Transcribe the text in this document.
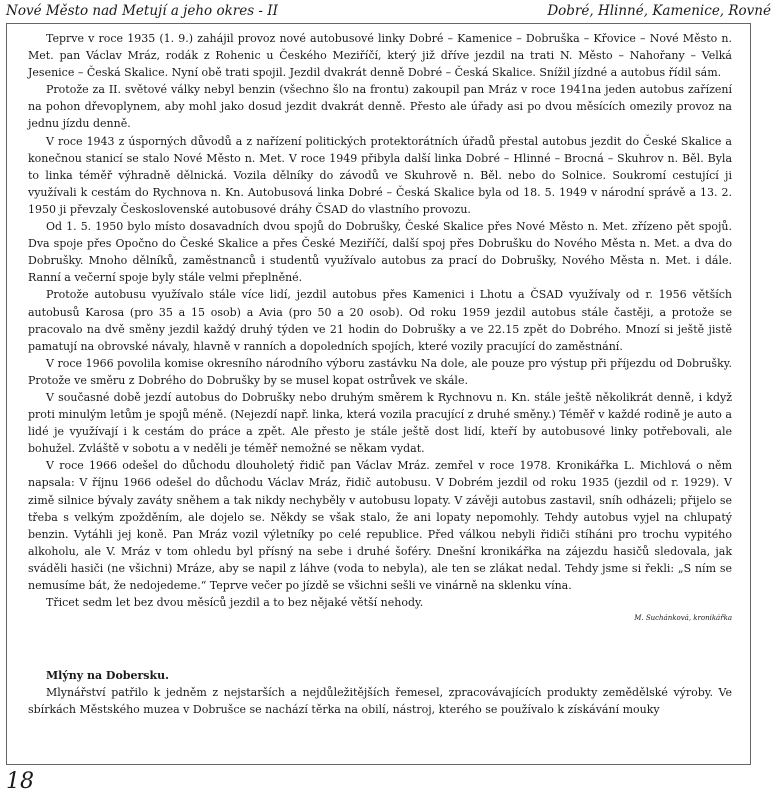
Nové Město nad Metují a jeho okres - II	Dobré, Hlinné, Kamenice, Rovné

Teprve v roce 1935 (1. 9.) zahájil provoz nové autobusové linky Dobré – Kamenice – Dobruška – Křovice – Nové Město n. Met. pan Václav Mráz, rodák z Rohenic u Českého Meziříčí, který již dříve jezdil na trati N. Město – Nahořany – Velká Jesenice – Česká Skalice. Nyní obě trati spojil. Jezdil dvakrát denně Dobré – Česká Skalice. Snížil jízdné a autobus řídil sám.

Protože za II. světové války nebyl benzin (všechno šlo na frontu) zakoupil pan Mráz v roce 1941na jeden autobus zařízení na pohon dřevoplynem, aby mohl jako dosud jezdit dvakrát denně. Přesto ale úřady asi po dvou měsících omezily provoz na jednu jízdu denně.

V roce 1943 z úsporných důvodů a z nařízení politických protektorátních úřadů přestal autobus jezdit do České Skalice a konečnou stanicí se stalo Nové Město n. Met. V roce 1949 přibyla další linka Dobré – Hlinné – Brocná – Skuhrov n. Běl. Byla to linka téměř výhradně dělnická. Vozila dělníky do závodů ve Skuhrově n. Běl. nebo do Solnice. Soukromí cestující ji využívali k cestám do Rychnova n. Kn. Autobusová linka Dobré – Česká Skalice byla od 18. 5. 1949 v národní správě a 13. 2. 1950 ji převzaly Československé autobusové dráhy ČSAD do vlastního provozu.

Od 1. 5. 1950 bylo místo dosavadních dvou spojů do Dobrušky, České Skalice přes Nové Město n. Met. zřízeno pět spojů. Dva spoje přes Opočno do České Skalice a přes České Meziříčí, další spoj přes Dobrušku do Nového Města n. Met. a dva do Dobrušky. Mnoho dělníků, zaměstnanců i studentů využívalo autobus za prací do Dobrušky, Nového Města n. Met. i dále. Ranní a večerní spoje byly stále velmi přeplněné.

Protože autobusu využívalo stále více lidí, jezdil autobus přes Kamenici i Lhotu a ČSAD využívaly od r. 1956 větších autobusů Karosa (pro 35 a 15 osob) a Avia (pro 50 a 20 osob). Od roku 1959 jezdil autobus stále častěji, a protože se pracovalo na dvě směny jezdil každý druhý týden ve 21 hodin do Dobrušky a ve 22.15 zpět do Dobrého. Mnozí si ještě jistě pamatují na obrovské návaly, hlavně v ranních a dopoledních spojích, které vozily pracující do zaměstnání.

V roce 1966 povolila komise okresního národního výboru zastávku Na dole, ale pouze pro výstup při příjezdu od Dobrušky. Protože ve směru z Dobrého do Dobrušky by se musel kopat ostrůvek ve skále.

V současné době jezdí autobus do Dobrušky nebo druhým směrem k Rychnovu n. Kn. stále ještě několikrát denně, i když proti minulým letům je spojů méně. (Nejezdí např. linka, která vozila pracující z druhé směny.) Téměř v každé rodině je auto a lidé je využívají i k cestám do práce a zpět. Ale přesto je stále ještě dost lidí, kteří by autobusové linky potřebovali, ale bohužel. Zvláště v sobotu a v neděli je téměř nemožné se někam vydat.

V roce 1966 odešel do důchodu dlouholetý řidič pan Václav Mráz. zemřel v roce 1978. Kronikářka L. Michlová o něm napsala: V říjnu 1966 odešel do důchodu Václav Mráz, řidič autobusu. V Dobrém jezdil od roku 1935 (jezdil od r. 1929). V zimě silnice bývaly zaváty sněhem a tak nikdy nechyběly v autobusu lopaty. V závěji autobus zastavil, sníh odházeli; přijelo se třeba s velkým zpožděním, ale dojelo se. Někdy se však stalo, že ani lopaty nepomohly. Tehdy autobus vyjel na chlupatý benzin. Vytáhli jej koně. Pan Mráz vozil výletníky po celé republice. Před válkou nebyli řidiči stíháni pro trochu vypitého alkoholu, ale V. Mráz v tom ohledu byl přísný na sebe i druhé šoféry. Dnešní kronikářka na zájezdu hasičů sledovala, jak sváděli hasiči (ne všichni) Mráze, aby se napil z láhve (voda to nebyla), ale ten se zlákat nedal. Tehdy jsme si řekli: „S ním se nemusíme bát, že nedojedeme.“ Teprve večer po jízdě se všichni sešli ve vinárně na sklenku vína.

Třicet sedm let bez dvou měsíců jezdil a to bez nějaké větší nehody.

M. Suchánková, kronikářka
Mlýny na Dobersku.

Mlynářství patřilo k jedněm z nejstarších a nejdůležitějších řemesel, zpracovávajících produkty zemědělské výroby. Ve sbírkách Městského muzea v Dobrušce se nachází těrka na obilí, nástroj, kterého se používalo k získávání mouky

18
